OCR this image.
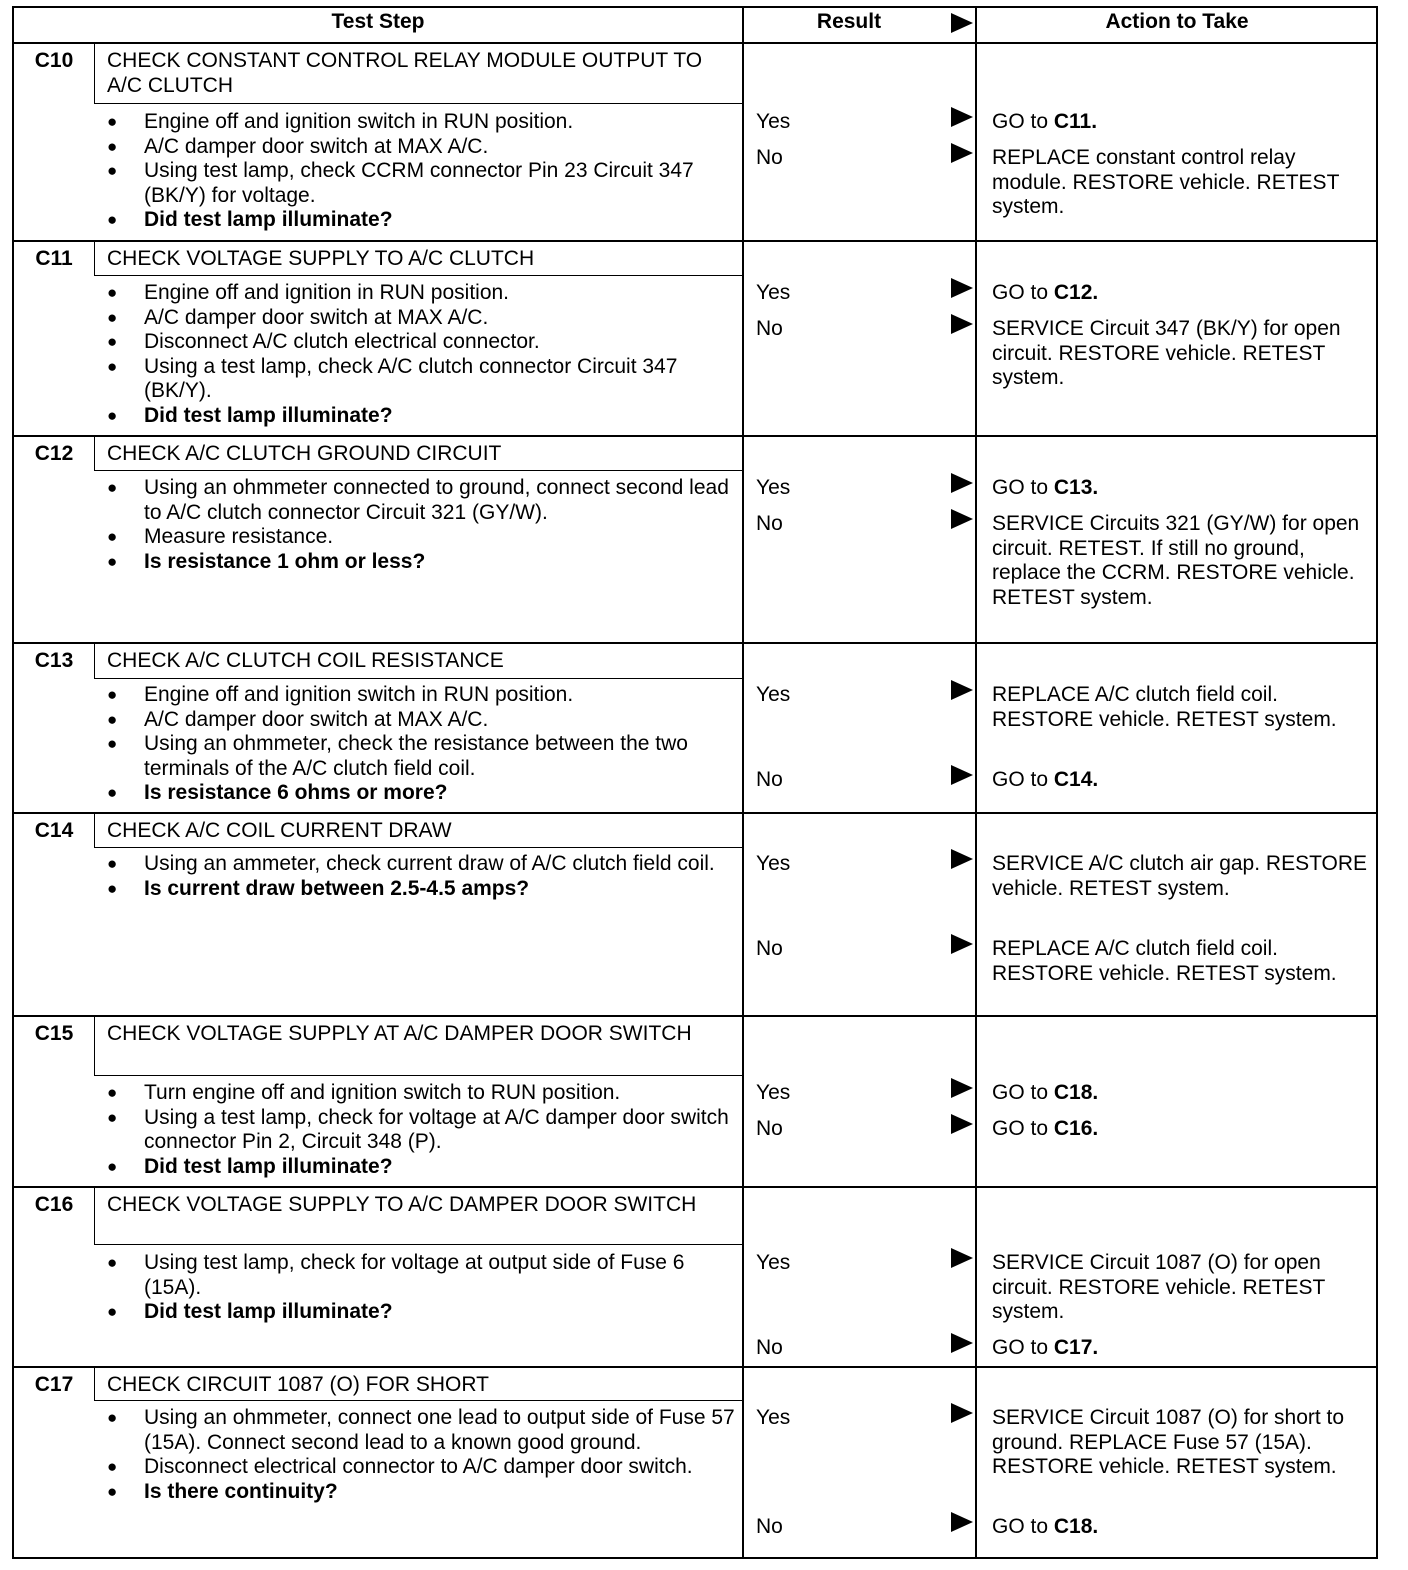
Test Step	Result	Action to Take
C10	CHECK CONSTANT CONTROL RELAY MODULE OUTPUT TO A/C CLUTCH
● Engine off and ignition switch in RUN position.
● A/C damper door switch at MAX A/C.
● Using test lamp, check CCRM connector Pin 23 Circuit 347 (BK/Y) for voltage.
● Did test lamp illuminate?
Yes	GO to C11.
No	REPLACE constant control relay module. RESTORE vehicle. RETEST system.
C11	CHECK VOLTAGE SUPPLY TO A/C CLUTCH
● Engine off and ignition in RUN position.
● A/C damper door switch at MAX A/C.
● Disconnect A/C clutch electrical connector.
● Using a test lamp, check A/C clutch connector Circuit 347 (BK/Y).
● Did test lamp illuminate?
Yes	GO to C12.
No	SERVICE Circuit 347 (BK/Y) for open circuit. RESTORE vehicle. RETEST system.
C12	CHECK A/C CLUTCH GROUND CIRCUIT
● Using an ohmmeter connected to ground, connect second lead to A/C clutch connector Circuit 321 (GY/W).
● Measure resistance.
● Is resistance 1 ohm or less?
Yes	GO to C13.
No	SERVICE Circuits 321 (GY/W) for open circuit. RETEST. If still no ground, replace the CCRM. RESTORE vehicle. RETEST system.
C13	CHECK A/C CLUTCH COIL RESISTANCE
● Engine off and ignition switch in RUN position.
● A/C damper door switch at MAX A/C.
● Using an ohmmeter, check the resistance between the two terminals of the A/C clutch field coil.
● Is resistance 6 ohms or more?
Yes	REPLACE A/C clutch field coil. RESTORE vehicle. RETEST system.
No	GO to C14.
C14	CHECK A/C COIL CURRENT DRAW
● Using an ammeter, check current draw of A/C clutch field coil.
● Is current draw between 2.5-4.5 amps?
Yes	SERVICE A/C clutch air gap. RESTORE vehicle. RETEST system.
No	REPLACE A/C clutch field coil. RESTORE vehicle. RETEST system.
C15	CHECK VOLTAGE SUPPLY AT A/C DAMPER DOOR SWITCH
● Turn engine off and ignition switch to RUN position.
● Using a test lamp, check for voltage at A/C damper door switch connector Pin 2, Circuit 348 (P).
● Did test lamp illuminate?
Yes	GO to C18.
No	GO to C16.
C16	CHECK VOLTAGE SUPPLY TO A/C DAMPER DOOR SWITCH
● Using test lamp, check for voltage at output side of Fuse 6 (15A).
● Did test lamp illuminate?
Yes	SERVICE Circuit 1087 (O) for open circuit. RESTORE vehicle. RETEST system.
No	GO to C17.
C17	CHECK CIRCUIT 1087 (O) FOR SHORT
● Using an ohmmeter, connect one lead to output side of Fuse 57 (15A). Connect second lead to a known good ground.
● Disconnect electrical connector to A/C damper door switch.
● Is there continuity?
Yes	SERVICE Circuit 1087 (O) for short to ground. REPLACE Fuse 57 (15A). RESTORE vehicle. RETEST system.
No	GO to C18.
